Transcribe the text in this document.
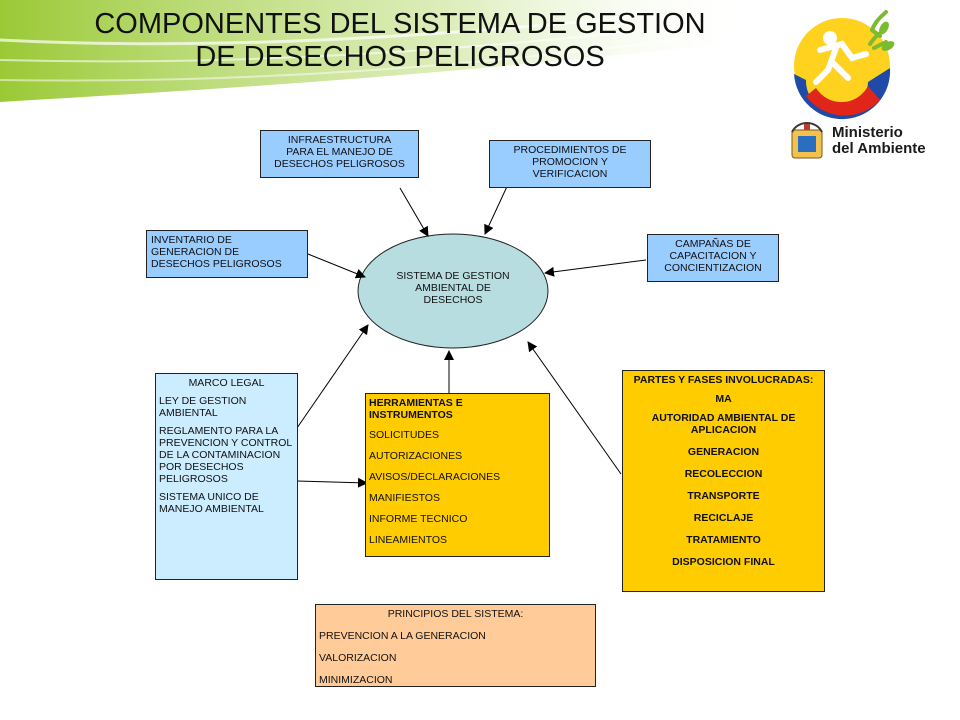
COMPONENTES DEL SISTEMA DE GESTION
DE DESECHOS PELIGROSOS
Ministerio
del Ambiente
SISTEMA DE GESTION
AMBIENTAL DE
DESECHOS

INFRAESTRUCTURA

PARA EL MANEJO DE

DESECHOS PELIGROSOS

PROCEDIMIENTOS DE

PROMOCION Y

VERIFICACION

INVENTARIO DE

GENERACION DE

DESECHOS PELIGROSOS

CAMPAÑAS DE

CAPACITACION Y

CONCIENTIZACION

MARCO LEGAL

LEY DE GESTION AMBIENTAL

REGLAMENTO PARA LA PREVENCION Y CONTROL DE LA CONTAMINACION POR DESECHOS PELIGROSOS

SISTEMA UNICO DE MANEJO AMBIENTAL

HERRAMIENTAS E INSTRUMENTOS

SOLICITUDES

AUTORIZACIONES

AVISOS/DECLARACIONES

MANIFIESTOS

INFORME TECNICO

LINEAMIENTOS

PARTES Y FASES INVOLUCRADAS:

MA

AUTORIDAD AMBIENTAL DE APLICACION

GENERACION

RECOLECCION

TRANSPORTE

RECICLAJE

TRATAMIENTO

DISPOSICION FINAL

PRINCIPIOS DEL SISTEMA:

PREVENCION A LA GENERACION

VALORIZACION

MINIMIZACION
